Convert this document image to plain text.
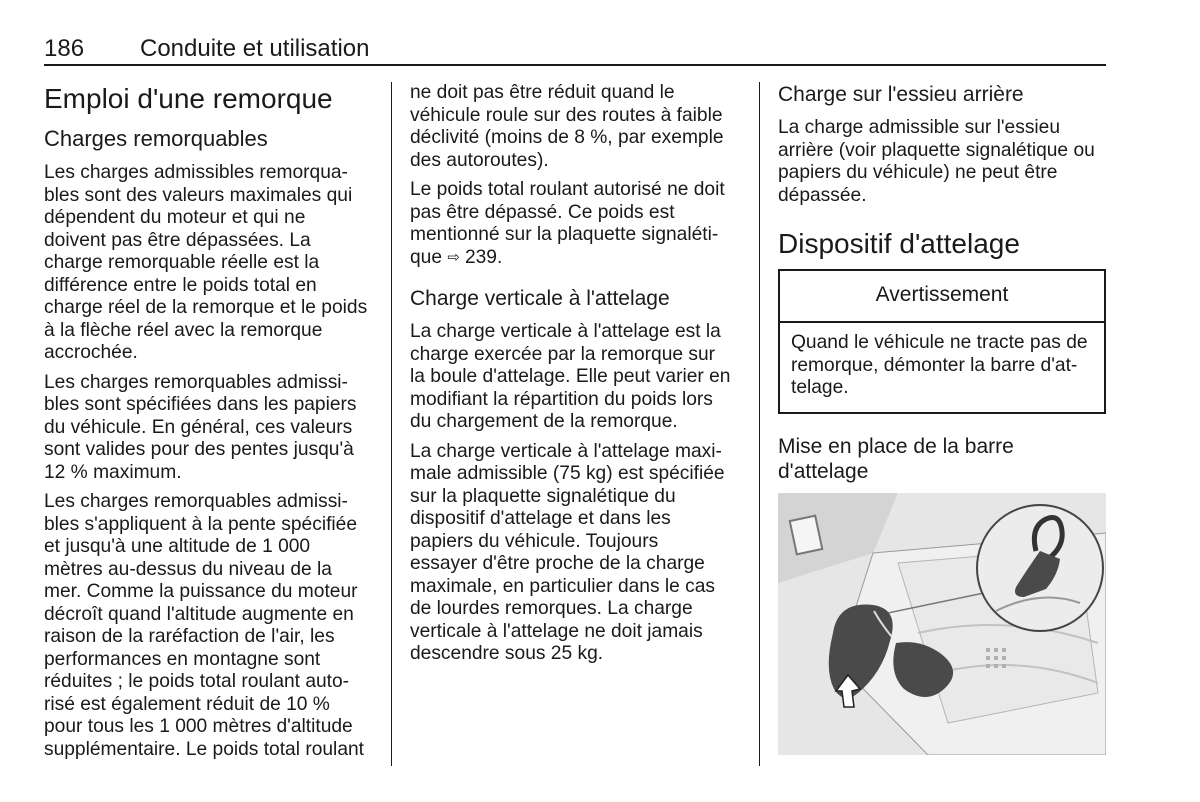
186 Conduite et utilisation
Emploi d'une remorque
Charges remorquables
Les charges admissibles remorqua-
bles sont des valeurs maximales qui
dépendent du moteur et qui ne
doivent pas être dépassées. La
charge remorquable réelle est la
différence entre le poids total en
charge réel de la remorque et le poids
à la flèche réel avec la remorque
accrochée.
Les charges remorquables admissi-
bles sont spécifiées dans les papiers
du véhicule. En général, ces valeurs
sont valides pour des pentes jusqu'à
12 % maximum.
Les charges remorquables admissi-
bles s'appliquent à la pente spécifiée
et jusqu'à une altitude de 1 000
mètres au-dessus du niveau de la
mer. Comme la puissance du moteur
décroît quand l'altitude augmente en
raison de la raréfaction de l'air, les
performances en montagne sont
réduites ; le poids total roulant auto-
risé est également réduit de 10 %
pour tous les 1 000 mètres d'altitude
supplémentaire. Le poids total roulant
ne doit pas être réduit quand le
véhicule roule sur des routes à faible
déclivité (moins de 8 %, par exemple
des autoroutes).
Le poids total roulant autorisé ne doit
pas être dépassé. Ce poids est
mentionné sur la plaquette signaléti-
que ⇨ 239.
Charge verticale à l'attelage
La charge verticale à l'attelage est la
charge exercée par la remorque sur
la boule d'attelage. Elle peut varier en
modifiant la répartition du poids lors
du chargement de la remorque.
La charge verticale à l'attelage maxi-
male admissible (75 kg) est spécifiée
sur la plaquette signalétique du
dispositif d'attelage et dans les
papiers du véhicule. Toujours
essayer d'être proche de la charge
maximale, en particulier dans le cas
de lourdes remorques. La charge
verticale à l'attelage ne doit jamais
descendre sous 25 kg.
Charge sur l'essieu arrière
La charge admissible sur l'essieu
arrière (voir plaquette signalétique ou
papiers du véhicule) ne peut être
dépassée.
Dispositif d'attelage
Avertissement
Quand le véhicule ne tracte pas de
remorque, démonter la barre d'at-
telage.
Mise en place de la barre
d'attelage
